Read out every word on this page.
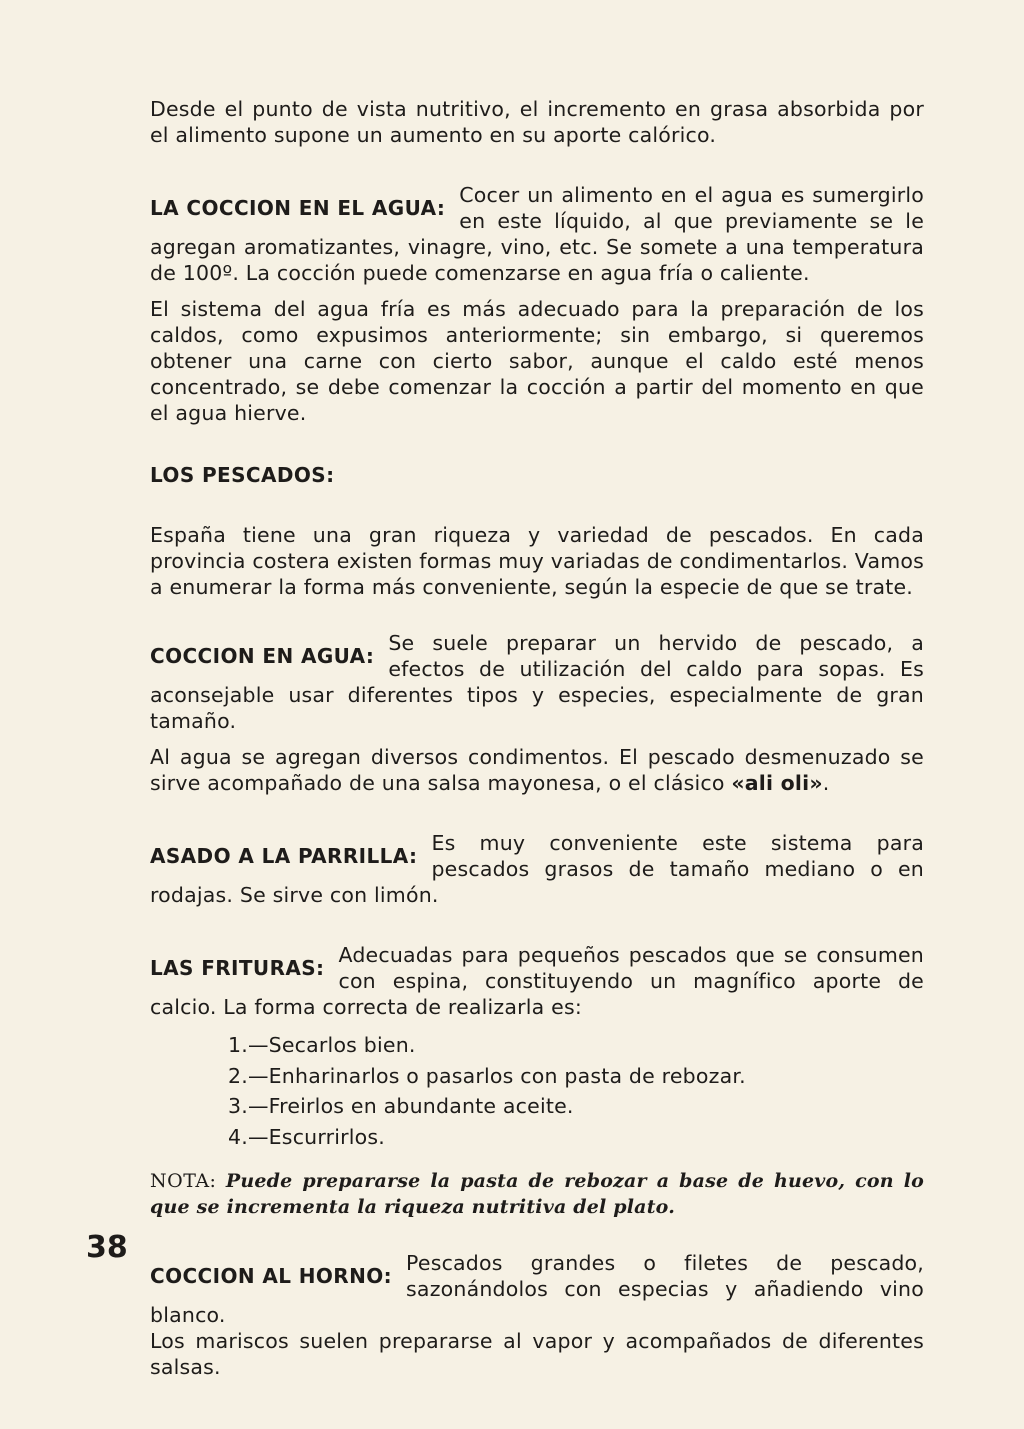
38

Desde el punto de vista nutritivo, el incremento en grasa absorbida por el alimento supone un aumento en su aporte calórico.

LA COCCION EN EL AGUA:

Cocer un alimento en el agua es sumergirlo en este líquido, al que previamente se le agregan aromatizantes, vinagre, vino, etc. Se somete a una temperatura de 100º. La cocción puede comenzarse en agua fría o caliente.

El sistema del agua fría es más adecuado para la preparación de los caldos, como expusimos anteriormente; sin embargo, si queremos obtener una carne con cierto sabor, aunque el caldo esté menos concentrado, se debe comenzar la cocción a partir del momento en que el agua hierve.

LOS PESCADOS:

España tiene una gran riqueza y variedad de pescados. En cada provincia costera existen formas muy variadas de condimentarlos. Vamos a enumerar la forma más conveniente, según la especie de que se trate.

COCCION EN AGUA:

Se suele preparar un hervido de pescado, a efectos de utilización del caldo para sopas. Es aconsejable usar diferentes tipos y especies, especialmente de gran tamaño.

Al agua se agregan diversos condimentos. El pescado desmenuzado se sirve acompañado de una salsa mayonesa, o el clásico «ali oli».

ASADO A LA PARRILLA:

Es muy conveniente este sistema para pescados grasos de tamaño mediano o en rodajas. Se sirve con limón.

LAS FRITURAS:

Adecuadas para pequeños pescados que se consumen con espina, constituyendo un magnífico aporte de calcio. La forma correcta de realizarla es:

1.—Secarlos bien.
2.—Enharinarlos o pasarlos con pasta de rebozar.
3.—Freirlos en abundante aceite.
4.—Escurrirlos.

NOTA: Puede prepararse la pasta de rebozar a base de huevo, con lo que se incrementa la riqueza nutritiva del plato.

COCCION AL HORNO:

Pescados grandes o filetes de pescado, sazonándolos con especias y añadiendo vino blanco.

Los mariscos suelen prepararse al vapor y acompañados de diferentes salsas.
